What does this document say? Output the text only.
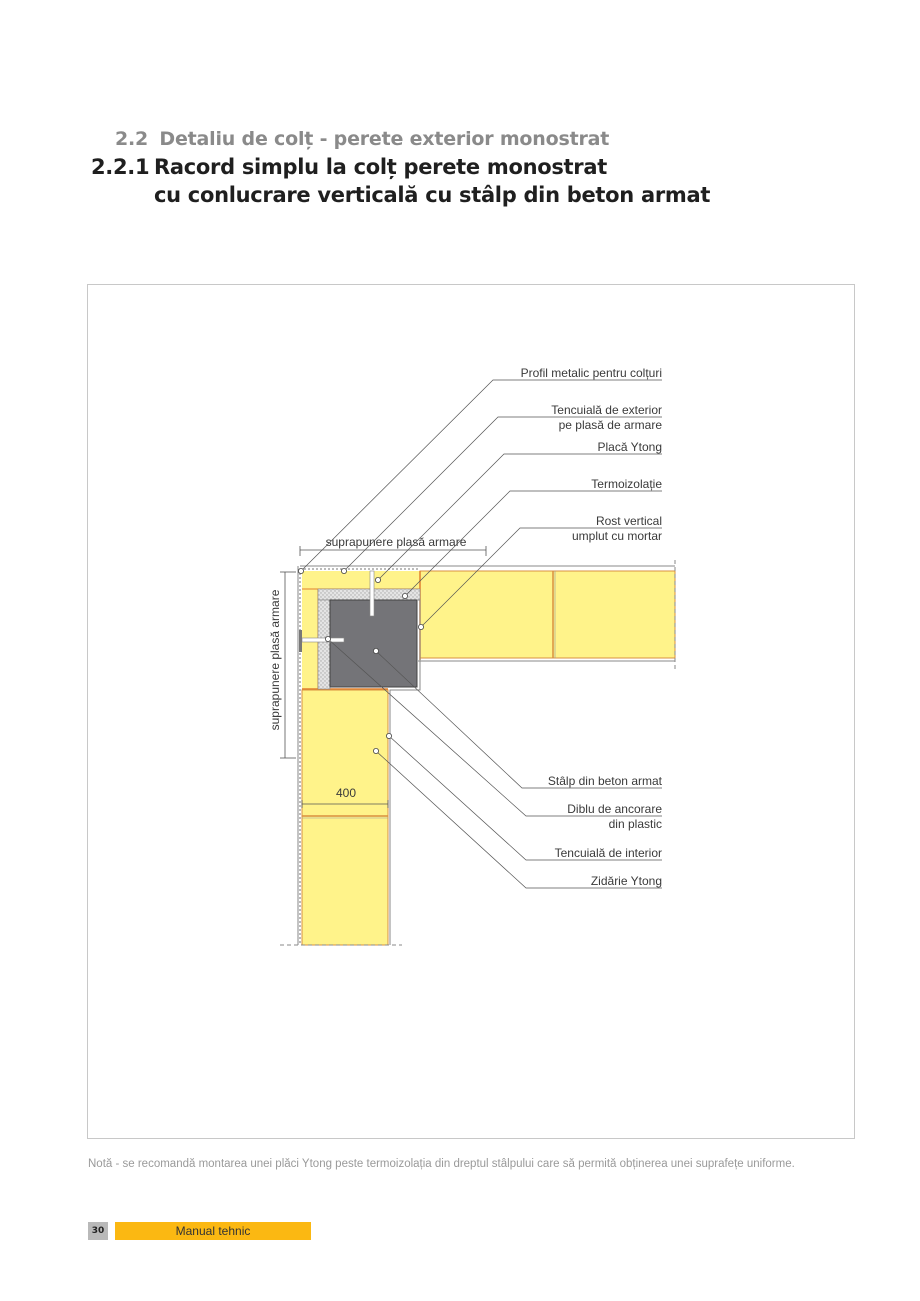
2.2 Detaliu de colț - perete exterior monostrat
2.2.1 Racord simplu la colț perete monostrat
cu conlucrare verticală cu stâlp din beton armat
suprapunere plasă armare
suprapunere plasă armare
400
Profil metalic pentru colțuri
Tencuială de exterior
pe plasă de armare
Placă Ytong
Termoizolație
Rost vertical
umplut cu mortar
Stâlp din beton armat
Diblu de ancorare
din plastic
Tencuială de interior
Zidărie Ytong
Notă - se recomandă montarea unei plăci Ytong peste termoizolația din dreptul stâlpului care să permită obținerea unei suprafețe uniforme.
30	Manual tehnic
